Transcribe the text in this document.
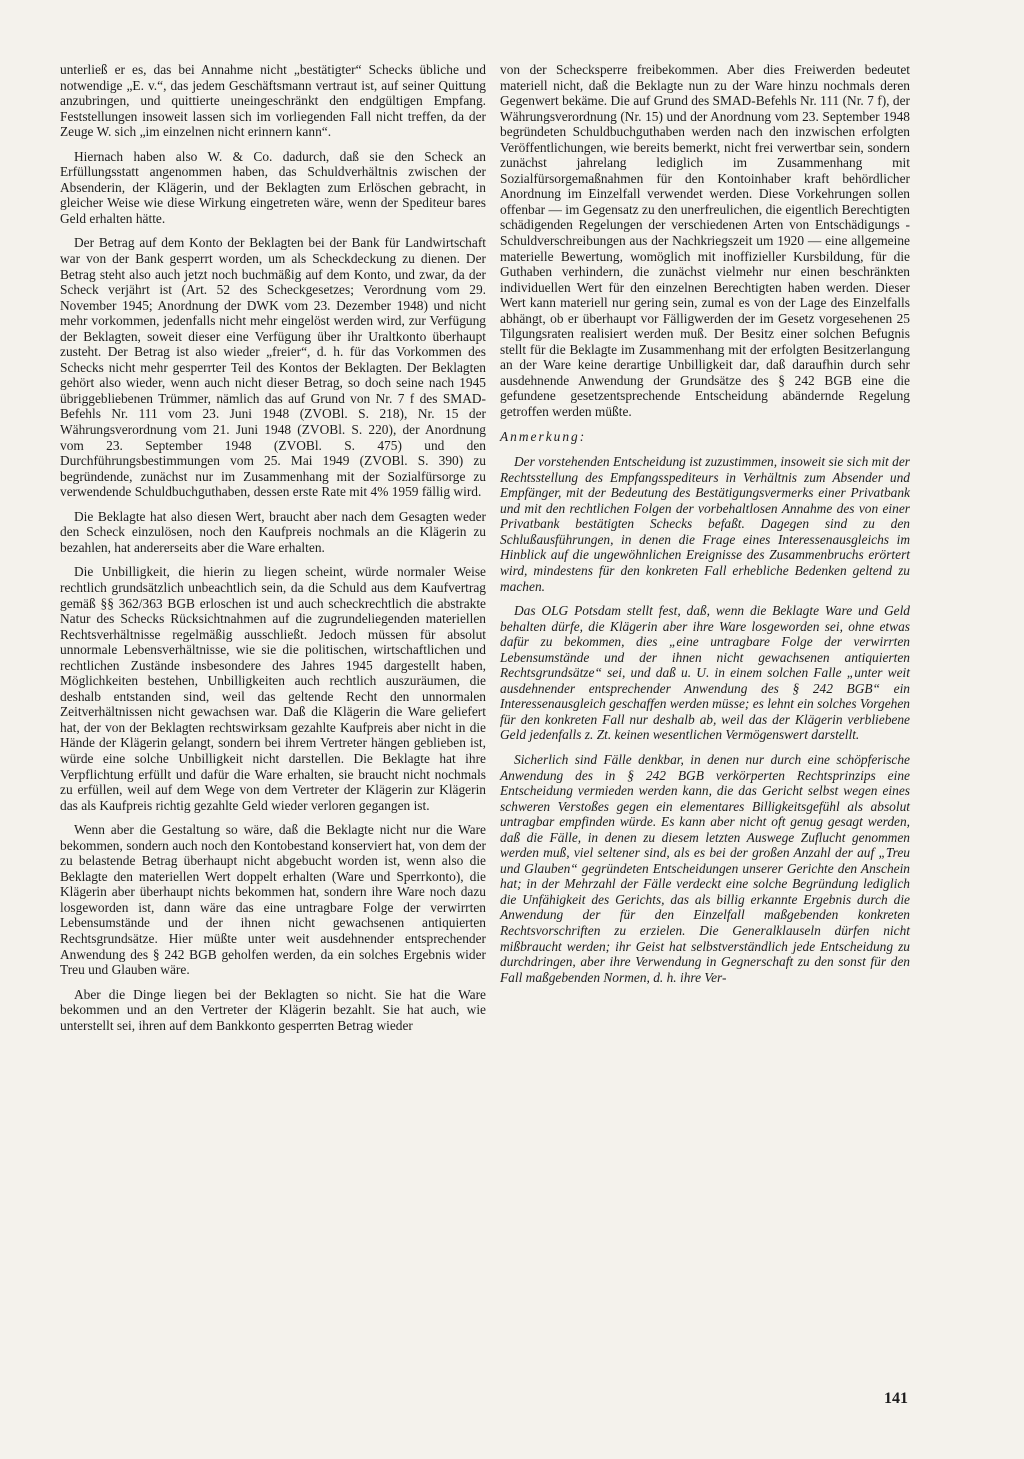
unterließ er es, das bei Annahme nicht „bestätigter“ Schecks übliche und notwendige „E. v.“, das jedem Geschäftsmann vertraut ist, auf seiner Quittung anzubringen, und quittierte uneingeschränkt den endgültigen Empfang. Feststellungen insoweit lassen sich im vorliegenden Fall nicht treffen, da der Zeuge W. sich „im einzelnen nicht erinnern kann“.

Hiernach haben also W. & Co. dadurch, daß sie den Scheck an Erfüllungsstatt angenommen haben, das Schuldverhältnis zwischen der Absenderin, der Klägerin, und der Beklagten zum Erlöschen gebracht, in gleicher Weise wie diese Wirkung eingetreten wäre, wenn der Spediteur bares Geld erhalten hätte.

Der Betrag auf dem Konto der Beklagten bei der Bank für Landwirtschaft war von der Bank gesperrt worden, um als Scheckdeckung zu dienen. Der Betrag steht also auch jetzt noch buchmäßig auf dem Konto, und zwar, da der Scheck verjährt ist (Art. 52 des Scheckgesetzes; Verordnung vom 29. November 1945; Anordnung der DWK vom 23. Dezember 1948) und nicht mehr vorkommen, jedenfalls nicht mehr eingelöst werden wird, zur Verfügung der Beklagten, soweit dieser eine Verfügung über ihr Uraltkonto überhaupt zusteht. Der Betrag ist also wieder „freier“, d. h. für das Vorkommen des Schecks nicht mehr gesperrter Teil des Kontos der Beklagten. Der Beklagten gehört also wieder, wenn auch nicht dieser Betrag, so doch seine nach 1945 übriggebliebenen Trümmer, nämlich das auf Grund von Nr. 7 f des SMAD-Befehls Nr. 111 vom 23. Juni 1948 (ZVOBl. S. 218), Nr. 15 der Währungsverordnung vom 21. Juni 1948 (ZVOBl. S. 220), der Anordnung vom 23. September 1948 (ZVOBl. S. 475) und den Durchführungsbestimmungen vom 25. Mai 1949 (ZVOBl. S. 390) zu begründende, zunächst nur im Zusammenhang mit der Sozialfürsorge zu verwendende Schuldbuchguthaben, dessen erste Rate mit 4% 1959 fällig wird.

Die Beklagte hat also diesen Wert, braucht aber nach dem Gesagten weder den Scheck einzulösen, noch den Kaufpreis nochmals an die Klägerin zu bezahlen, hat andererseits aber die Ware erhalten.

Die Unbilligkeit, die hierin zu liegen scheint, würde normaler Weise rechtlich grundsätzlich unbeachtlich sein, da die Schuld aus dem Kaufvertrag gemäß §§ 362/363 BGB erloschen ist und auch scheckrechtlich die abstrakte Natur des Schecks Rücksichtnahmen auf die zugrundeliegenden materiellen Rechtsverhältnisse regelmäßig ausschließt. Jedoch müssen für absolut unnormale Lebensverhältnisse, wie sie die politischen, wirtschaftlichen und rechtlichen Zustände insbesondere des Jahres 1945 dargestellt haben, Möglichkeiten bestehen, Unbilligkeiten auch rechtlich auszuräumen, die deshalb entstanden sind, weil das geltende Recht den unnormalen Zeitverhältnissen nicht gewachsen war. Daß die Klägerin die Ware geliefert hat, der von der Beklagten rechtswirksam gezahlte Kaufpreis aber nicht in die Hände der Klägerin gelangt, sondern bei ihrem Vertreter hängen geblieben ist, würde eine solche Unbilligkeit nicht darstellen. Die Beklagte hat ihre Verpflichtung erfüllt und dafür die Ware erhalten, sie braucht nicht nochmals zu erfüllen, weil auf dem Wege von dem Vertreter der Klägerin zur Klägerin das als Kaufpreis richtig gezahlte Geld wieder verloren gegangen ist.

Wenn aber die Gestaltung so wäre, daß die Beklagte nicht nur die Ware bekommen, sondern auch noch den Kontobestand konserviert hat, von dem der zu belastende Betrag überhaupt nicht abgebucht worden ist, wenn also die Beklagte den materiellen Wert doppelt erhalten (Ware und Sperrkonto), die Klägerin aber überhaupt nichts bekommen hat, sondern ihre Ware noch dazu losgeworden ist, dann wäre das eine untragbare Folge der verwirrten Lebensumstände und der ihnen nicht gewachsenen antiquierten Rechtsgrundsätze. Hier müßte unter weit ausdehnender entsprechender Anwendung des § 242 BGB geholfen werden, da ein solches Ergebnis wider Treu und Glauben wäre.

Aber die Dinge liegen bei der Beklagten so nicht. Sie hat die Ware bekommen und an den Vertreter der Klägerin bezahlt. Sie hat auch, wie unterstellt sei, ihren auf dem Bankkonto gesperrten Betrag wieder

von der Schecksperre freibekommen. Aber dies Freiwerden bedeutet materiell nicht, daß die Beklagte nun zu der Ware hinzu nochmals deren Gegenwert bekäme. Die auf Grund des SMAD-Befehls Nr. 111 (Nr. 7 f), der Währungsverordnung (Nr. 15) und der Anordnung vom 23. September 1948 begründeten Schuldbuchguthaben werden nach den inzwischen erfolgten Veröffentlichungen, wie bereits bemerkt, nicht frei verwertbar sein, sondern zunächst jahrelang lediglich im Zusammenhang mit Sozialfürsorgemaßnahmen für den Kontoinhaber kraft behördlicher Anordnung im Einzelfall verwendet werden. Diese Vorkehrungen sollen offenbar — im Gegensatz zu den unerfreulichen, die eigentlich Berechtigten schädigenden Regelungen der verschiedenen Arten von Entschädigungs - Schuldverschreibungen aus der Nachkriegszeit um 1920 — eine allgemeine materielle Bewertung, womöglich mit inoffizieller Kursbildung, für die Guthaben verhindern, die zunächst vielmehr nur einen beschränkten individuellen Wert für den einzelnen Berechtigten haben werden. Dieser Wert kann materiell nur gering sein, zumal es von der Lage des Einzelfalls abhängt, ob er überhaupt vor Fälligwerden der im Gesetz vorgesehenen 25 Tilgungsraten realisiert werden muß. Der Besitz einer solchen Befugnis stellt für die Beklagte im Zusammenhang mit der erfolgten Besitzerlangung an der Ware keine derartige Unbilligkeit dar, daß daraufhin durch sehr ausdehnende Anwendung der Grundsätze des § 242 BGB eine die gefundene gesetzentsprechende Entscheidung abändernde Regelung getroffen werden müßte.

Anmerkung:

Der vorstehenden Entscheidung ist zuzustimmen, insoweit sie sich mit der Rechtsstellung des Empfangsspediteurs in Verhältnis zum Absender und Empfänger, mit der Bedeutung des Bestätigungsvermerks einer Privatbank und mit den rechtlichen Folgen der vorbehaltlosen Annahme des von einer Privatbank bestätigten Schecks befaßt. Dagegen sind zu den Schlußausführungen, in denen die Frage eines Interessenausgleichs im Hinblick auf die ungewöhnlichen Ereignisse des Zusammenbruchs erörtert wird, mindestens für den konkreten Fall erhebliche Bedenken geltend zu machen.

Das OLG Potsdam stellt fest, daß, wenn die Beklagte Ware und Geld behalten dürfe, die Klägerin aber ihre Ware losgeworden sei, ohne etwas dafür zu bekommen, dies „eine untragbare Folge der verwirrten Lebensumstände und der ihnen nicht gewachsenen antiquierten Rechtsgrundsätze“ sei, und daß u. U. in einem solchen Falle „unter weit ausdehnender entsprechender Anwendung des § 242 BGB“ ein Interessenausgleich geschaffen werden müsse; es lehnt ein solches Vorgehen für den konkreten Fall nur deshalb ab, weil das der Klägerin verbliebene Geld jedenfalls z. Zt. keinen wesentlichen Vermögenswert darstellt.

Sicherlich sind Fälle denkbar, in denen nur durch eine schöpferische Anwendung des in § 242 BGB verkörperten Rechtsprinzips eine Entscheidung vermieden werden kann, die das Gericht selbst wegen eines schweren Verstoßes gegen ein elementares Billigkeitsgefühl als absolut untragbar empfinden würde. Es kann aber nicht oft genug gesagt werden, daß die Fälle, in denen zu diesem letzten Auswege Zuflucht genommen werden muß, viel seltener sind, als es bei der großen Anzahl der auf „Treu und Glauben“ gegründeten Entscheidungen unserer Gerichte den Anschein hat; in der Mehrzahl der Fälle verdeckt eine solche Begründung lediglich die Unfähigkeit des Gerichts, das als billig erkannte Ergebnis durch die Anwendung der für den Einzelfall maßgebenden konkreten Rechtsvorschriften zu erzielen. Die Generalklauseln dürfen nicht mißbraucht werden; ihr Geist hat selbstverständlich jede Entscheidung zu durchdringen, aber ihre Verwendung in Gegnerschaft zu den sonst für den Fall maßgebenden Normen, d. h. ihre Ver-

141
